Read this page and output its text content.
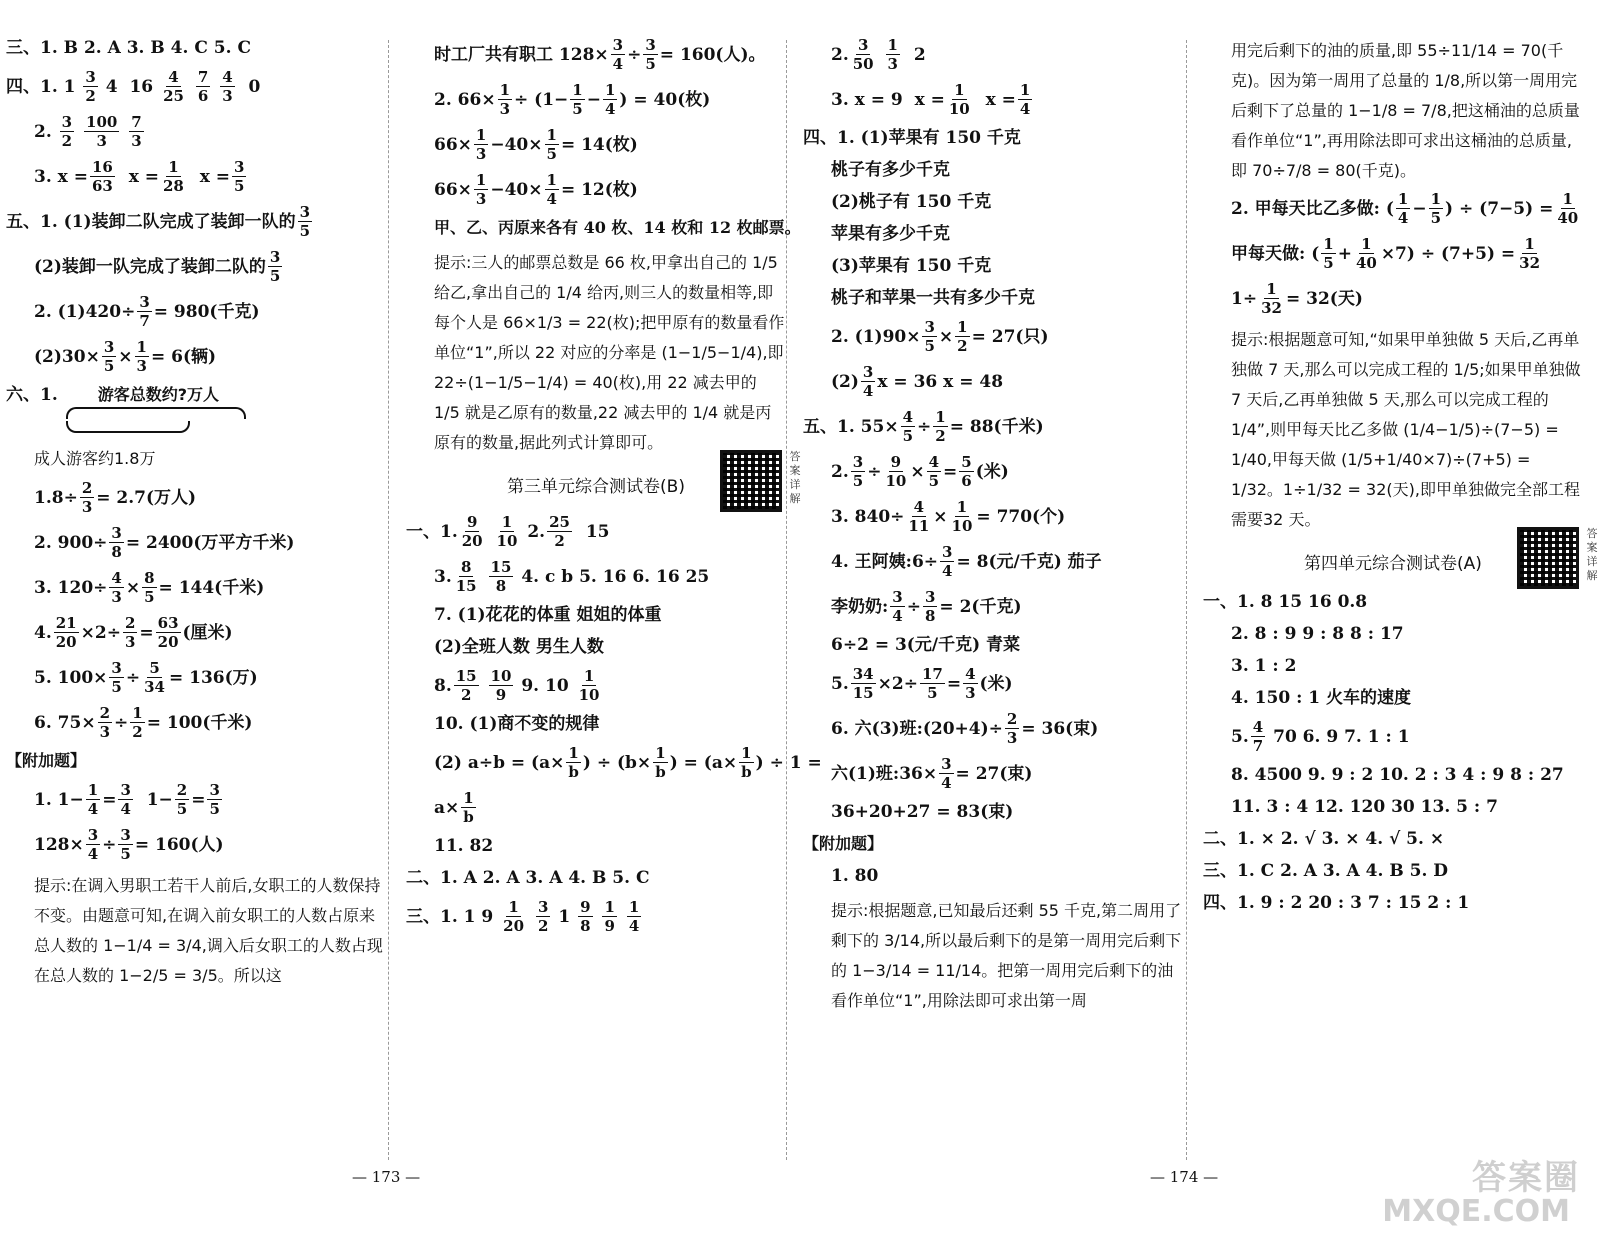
三、1. B 2. A 3. B 4. C 5. C
四、1. 1
3
2
4
16
4
25

7
6

4
3
0
2.
3
2

100
3

7
3
3. $x = \frac{16}{63}$
$x = \frac{1}{28}$
$x = \frac{3}{5}$
五、1. (1)装卸二队完成了装卸一队的 3
5
(2)装卸一队完成了装卸二队的 3
5
2. $(1)420\div \frac{3}{7} = 980$(千克)
$(2)30\times \frac{3}{5} \times \frac{1}{3} = 6$(辆)
六、1.	游客总数约?万人
成人游客约1.8万
$1.8\div \frac{2}{3} = 2.7$(万人)
2. $900\div \frac{3}{8} = 2400$(万平方千米)
3. $120\div \frac{4}{3} \times \frac{8}{5} = 144$(千米)
4. $\frac{21}{20} \times 2\div \frac{2}{3} = \frac{63}{20}$ (厘米)
5. $100\times \frac{3}{5} \div \frac{5}{34} = 136$(万)
6. $75\times \frac{2}{3} \div \frac{1}{2} = 100$(千米)
【附加题】
1. $1- \frac{1}{4} = \frac{3}{4}$
$1- \frac{2}{5} = \frac{3}{5}$
$128\times \frac{3}{4} \div \frac{3}{5} = 160$(人)
提示:在调入男职工若干人前后,女职工的人数保持不变。由题意可知,在调入前女职工的人数占原来总人数的 1−1/4 = 3/4,调入后女职工的人数占现在总人数的 1−2/5 = 3/5。所以这
时工厂共有职工 $128\times \frac{3}{4} \div \frac{3}{5} = 160$(人)。
2. $66\times \frac{1}{3} \div (1- \frac{1}{5} - \frac{1}{4}$ ) = 40(枚)
$66\times \frac{1}{3} -40\times \frac{1}{5} = 14$(枚)
$66\times \frac{1}{3} -40\times \frac{1}{4} = 12$(枚)
甲、乙、丙原来各有 40 枚、14 枚和 12 枚邮票。
提示:三人的邮票总数是 66 枚,甲拿出自己的 1/5 给乙,拿出自己的 1/4 给丙,则三人的数量相等,即每个人是 66×1/3 = 22(枚);把甲原有的数量看作单位“1”,所以 22 对应的分率是 (1−1/5−1/4),即 22÷(1−1/5−1/4) = 40(枚),用 22 减去甲的 1/5 就是乙原有的数量,22 减去甲的 1/4 就是丙原有的数量,据此列式计算即可。
第三单元综合测试卷(B)
答案详解
一、1. 9
20

1
10
2. 25
2
15
3. 8
15

15
8
4. c b 5. 16 6. 16 25
7. (1)花花的体重 姐姐的体重
(2)全班人数 男生人数
8. 15
2

10
9
9. 10
1
10
10. (1)商不变的规律
(2) $a\div b = (a\times \frac{1}{b}$ ) ÷ ($b\times \frac{1}{b}$ ) = ($a\times \frac{1}{b}$ ) ÷ 1 =
$a\times \frac{1}{b}$
11. 82
二、1. A 2. A 3. A 4. B 5. C
三、1. 1 9
1
20

3
2
1
9
8

1
9

1
4
2. 3
50

1
3
2
3. x = 9
$x = \frac{1}{10}$
$x = \frac{1}{4}$
四、1. (1)苹果有 150 千克
桃子有多少千克
(2)桃子有 150 千克
苹果有多少千克
(3)苹果有 150 千克
桃子和苹果一共有多少千克
2. $(1)90\times \frac{3}{5} \times \frac{1}{2} = 27$(只)
(2) 3
4 x = 36 x = 48
五、1. $55\times \frac{4}{5} \div \frac{1}{2} = 88$(千米)
2. $\frac{3}{5} \div \frac{9}{10} \times \frac{4}{5} = \frac{5}{6}$ (米)
3. $840\div \frac{4}{11} \times \frac{1}{10} = 770$(个)
4. 王阿姨:6÷ $\frac{3}{4} = 8$(元/千克) 茄子
李奶奶: $\frac{3}{4} \div \frac{3}{8} = 2$(千克)
6÷2 = 3(元/千克) 青菜
5. $\frac{34}{15} \times 2\div \frac{17}{5} = \frac{4}{3}$ (米)
6. 六(3)班:(20+4)÷ $\frac{2}{3} = 36$(束)
六(1)班:36× $\frac{3}{4} = 27$(束)
36+20+27 = 83(束)
【附加题】
1. 80
提示:根据题意,已知最后还剩 55 千克,第二周用了剩下的 3/14,所以最后剩下的是第一周用完后剩下的 1−3/14 = 11/14。把第一周用完后剩下的油看作单位“1”,用除法即可求出第一周
用完后剩下的油的质量,即 55÷11/14 = 70(千克)。因为第一周用了总量的 1/8,所以第一周用完后剩下了总量的 1−1/8 = 7/8,把这桶油的总质量看作单位“1”,再用除法即可求出这桶油的总质量,即 70÷7/8 = 80(千克)。
2. 甲每天比乙多做: ( 1
$4 - \frac{1}{5}$ ) ÷ $(7-5) = \frac{1}{40}$
甲每天做: ( 1
$5 + \frac{1}{40} \times 7) \div (7+5) = \frac{1}{32}$
$1\div \frac{1}{32} = 32$(天)
提示:根据题意可知,“如果甲单独做 5 天后,乙再单独做 7 天,那么可以完成工程的 1/5;如果甲单独做 7 天后,乙再单独做 5 天,那么可以完成工程的 1/4”,则甲每天比乙多做 (1/4−1/5)÷(7−5) = 1/40,甲每天做 (1/5+1/40×7)÷(7+5) = 1/32。1÷1/32 = 32(天),即甲单独做完全部工程需要32 天。
第四单元综合测试卷(A)
答案详解
一、1. 8 15 16 0.8
2. 8 : 9 9 : 8 8 : 17
3. 1 : 2
4. 150 : 1 火车的速度
5. 4
7
70 6. 9 7. 1 : 1
8. 4500 9. 9 : 2 10. 2 : 3 4 : 9 8 : 27
11. 3 : 4 12. 120 30 13. 5 : 7
二、1. × 2. √ 3. × 4. √ 5. ×
三、1. C 2. A 3. A 4. B 5. D
四、1. 9 : 2 20 : 3 7 : 15 2 : 1
— 173 —	— 174 —	答案圈
MXQE.COM
